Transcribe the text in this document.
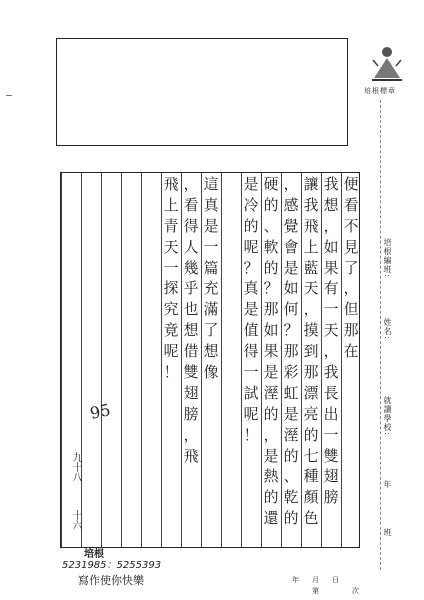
培根標章
培根編班:
姓名:
就讀學校:
年
班
便
看
不
見
了
，
但
那
在
我
想
，
如
果
有
一
天
，
我
長
出
一
雙
翅
膀
讓
我
飛
上
藍
天
，
摸
到
那
漂
亮
的
七
種
顏
色
，
感
覺
會
是
如
何
？
那
彩
虹
是
溼
的
、
乾
的
硬
的
、
軟
的
？
那
如
果
是
溼
的
，
是
熱
的
還
是
冷
的
呢
？
真
是
值
得
一
試
呢
！
這
真
是
一
篇
充
滿
了
想
像
，
看
得
人
幾
乎
也
想
借
雙
翅
膀
，
飛
飛
上
青
天
一
探
究
竟
呢
！
95
九十八
十六
5231985：5255393
寫作使你快樂
培根
年 月 日
第	次
